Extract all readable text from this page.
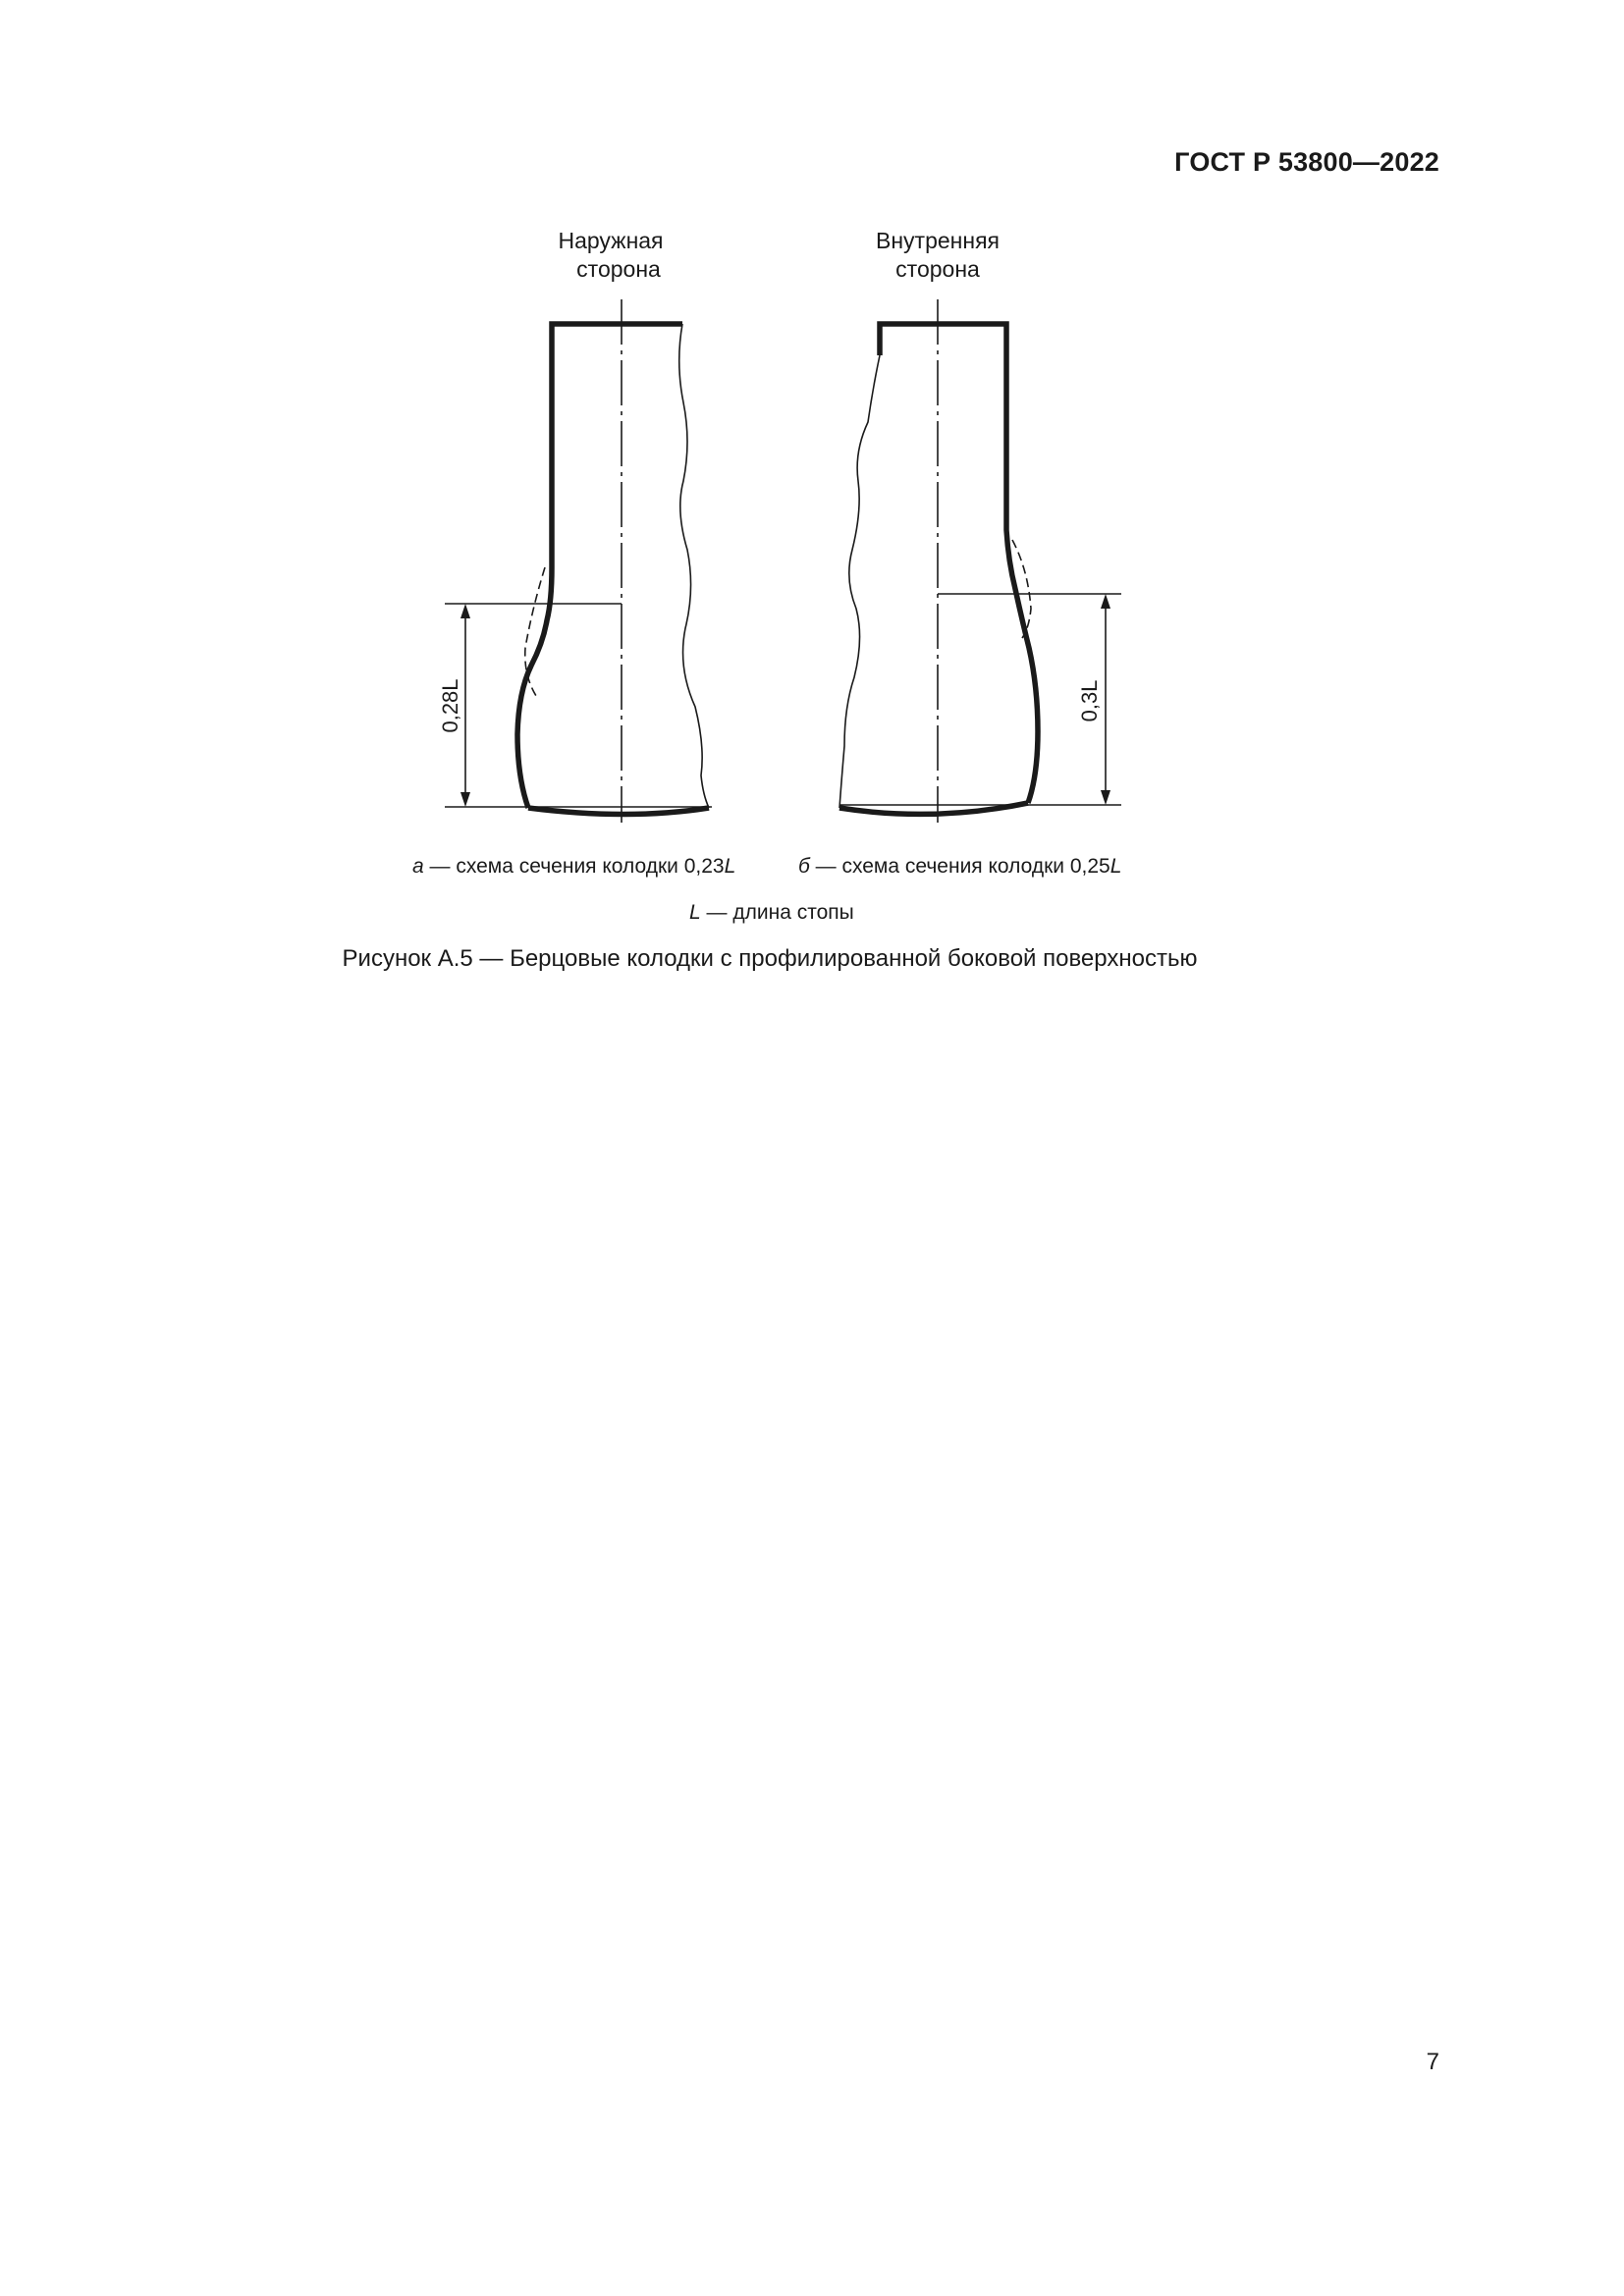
ГОСТ Р 53800—2022
Наружная
сторона
Внутренняя
сторона
0,28L	0,3L
а — схема сечения колодки 0,23L	б — схема сечения колодки 0,25L
L — длина стопы
Рисунок А.5 — Берцовые колодки с профилированной боковой поверхностью
7
